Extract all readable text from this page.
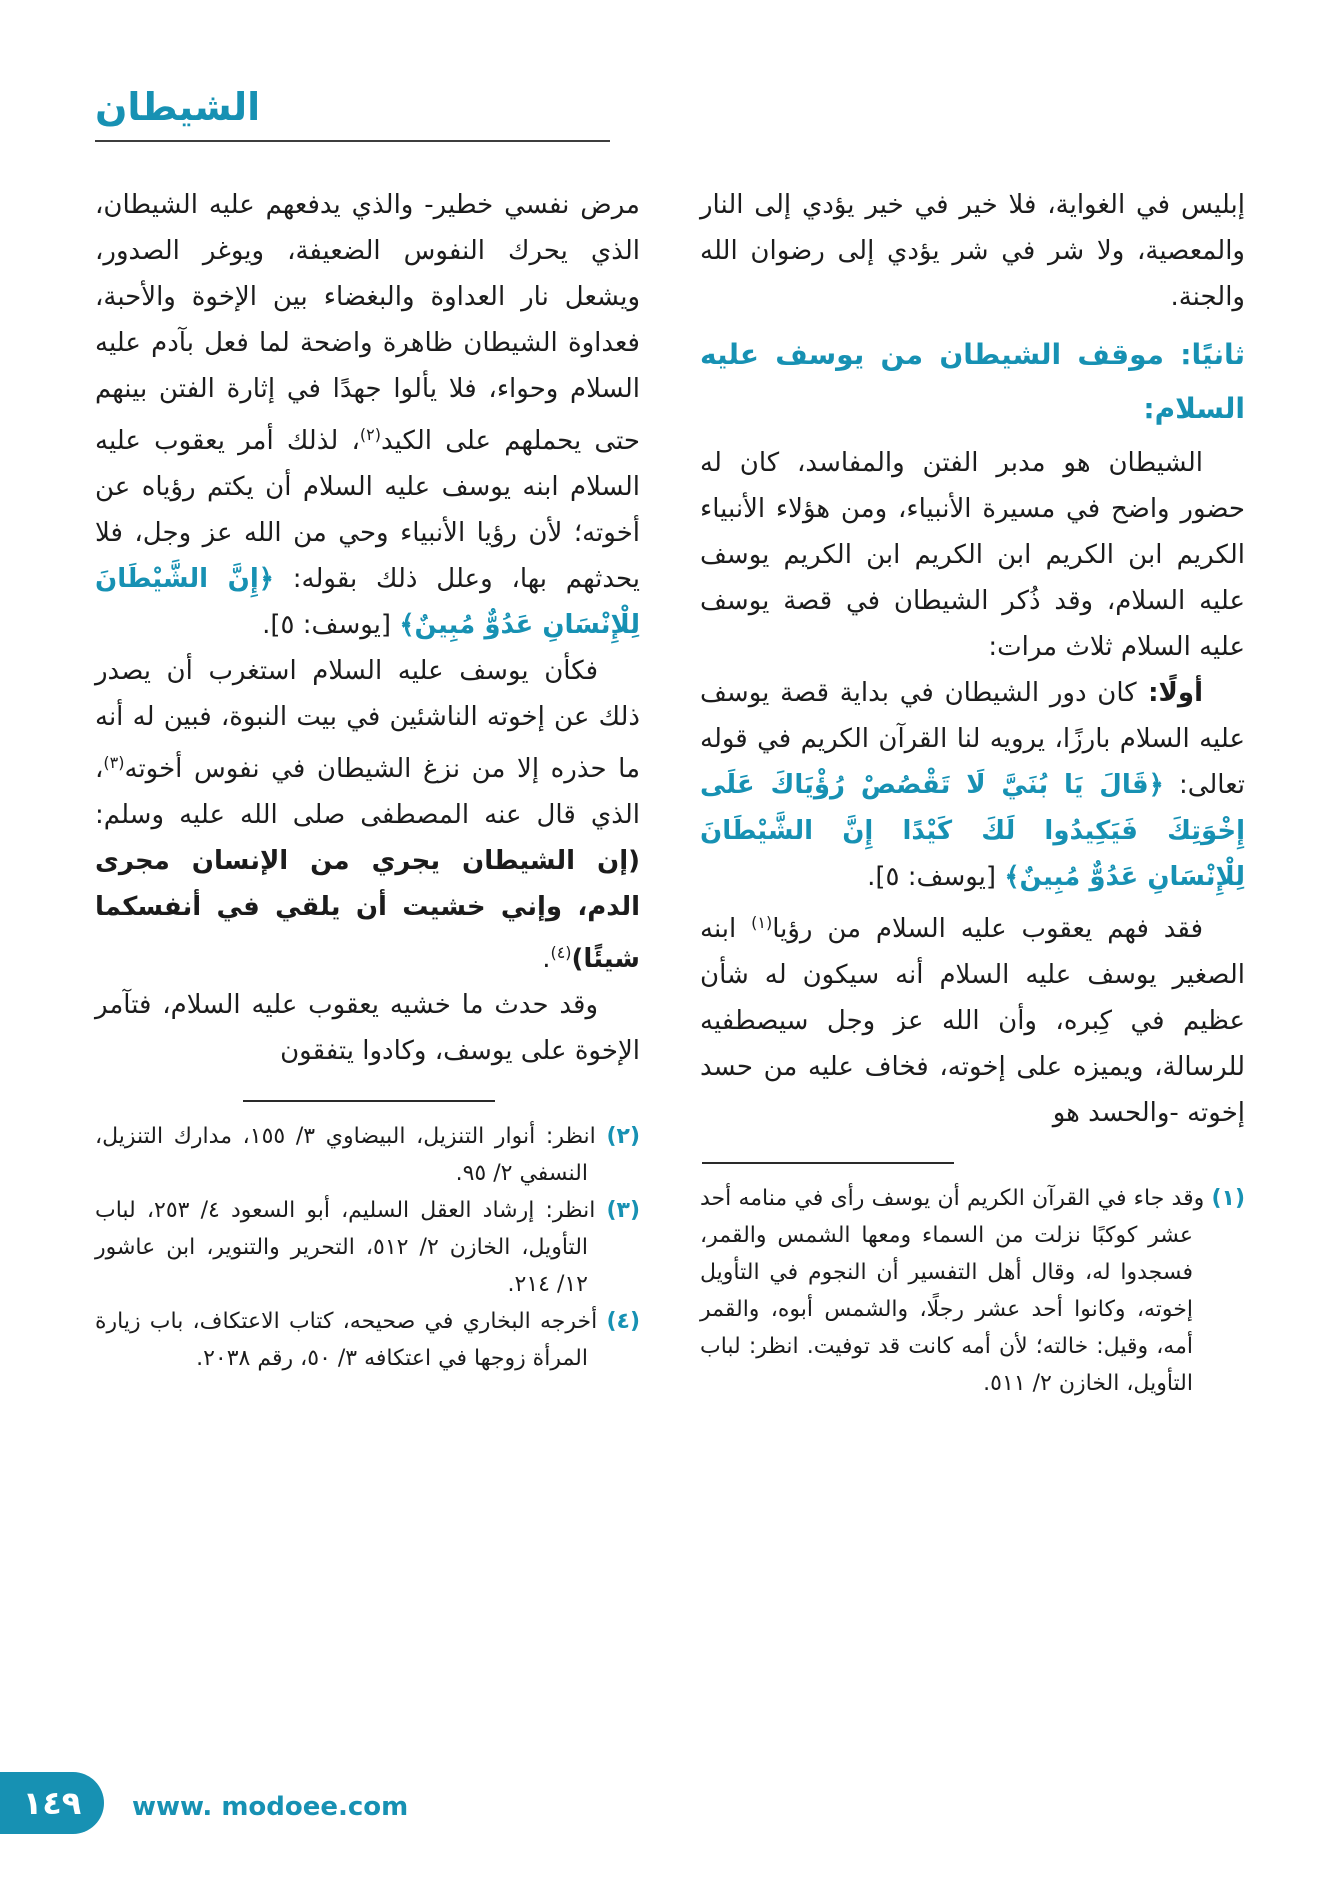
الشيطان

إبليس في الغواية، فلا خير في خير يؤدي إلى النار والمعصية، ولا شر في شر يؤدي إلى رضوان الله والجنة.

ثانيًا: موقف الشيطان من يوسف عليه السلام:

الشيطان هو مدبر الفتن والمفاسد، كان له حضور واضح في مسيرة الأنبياء، ومن هؤلاء الأنبياء الكريم ابن الكريم ابن الكريم ابن الكريم يوسف عليه السلام، وقد ذُكر الشيطان في قصة يوسف عليه السلام ثلاث مرات:

أولًا: كان دور الشيطان في بداية قصة يوسف عليه السلام بارزًا، يرويه لنا القرآن الكريم في قوله تعالى: ﴿قَالَ يَا بُنَيَّ لَا تَقْصُصْ رُؤْيَاكَ عَلَى إِخْوَتِكَ فَيَكِيدُوا لَكَ كَيْدًا إِنَّ الشَّيْطَانَ لِلْإِنْسَانِ عَدُوٌّ مُبِينٌ﴾ [يوسف: ٥].

فقد فهم يعقوب عليه السلام من رؤيا$^{(١)}$ ابنه الصغير يوسف عليه السلام أنه سيكون له شأن عظيم في كِبره، وأن الله عز وجل سيصطفيه للرسالة، ويميزه على إخوته، فخاف عليه من حسد إخوته -والحسد هو

(١) وقد جاء في القرآن الكريم أن يوسف رأى في منامه أحد عشر كوكبًا نزلت من السماء ومعها الشمس والقمر، فسجدوا له، وقال أهل التفسير أن النجوم في التأويل إخوته، وكانوا أحد عشر رجلًا، والشمس أبوه، والقمر أمه، وقيل: خالته؛ لأن أمه كانت قد توفيت. انظر: لباب التأويل، الخازن ٢/ ٥١١.

مرض نفسي خطير- والذي يدفعهم عليه الشيطان، الذي يحرك النفوس الضعيفة، ويوغر الصدور، ويشعل نار العداوة والبغضاء بين الإخوة والأحبة، فعداوة الشيطان ظاهرة واضحة لما فعل بآدم عليه السلام وحواء، فلا يألوا جهدًا في إثارة الفتن بينهم حتى يحملهم على الكيد$^{(٢)}$، لذلك أمر يعقوب عليه السلام ابنه يوسف عليه السلام أن يكتم رؤياه عن أخوته؛ لأن رؤيا الأنبياء وحي من الله عز وجل، فلا يحدثهم بها، وعلل ذلك بقوله: ﴿إِنَّ الشَّيْطَانَ لِلْإِنْسَانِ عَدُوٌّ مُبِينٌ﴾ [يوسف: ٥].

فكأن يوسف عليه السلام استغرب أن يصدر ذلك عن إخوته الناشئين في بيت النبوة، فبين له أنه ما حذره إلا من نزغ الشيطان في نفوس أخوته$^{(٣)}$، الذي قال عنه المصطفى صلى الله عليه وسلم: (إن الشيطان يجري من الإنسان مجرى الدم، وإني خشيت أن يلقي في أنفسكما شيئًا)$^{(٤)}$.

وقد حدث ما خشيه يعقوب عليه السلام، فتآمر الإخوة على يوسف، وكادوا يتفقون

(٢) انظر: أنوار التنزيل، البيضاوي ٣/ ١٥٥، مدارك التنزيل، النسفي ٢/ ٩٥.

(٣) انظر: إرشاد العقل السليم، أبو السعود ٤/ ٢٥٣، لباب التأويل، الخازن ٢/ ٥١٢، التحرير والتنوير، ابن عاشور ١٢/ ٢١٤.

(٤) أخرجه البخاري في صحيحه، كتاب الاعتكاف، باب زيارة المرأة زوجها في اعتكافه ٣/ ٥٠، رقم ٢٠٣٨.

١٤٩ www. modoee.com
